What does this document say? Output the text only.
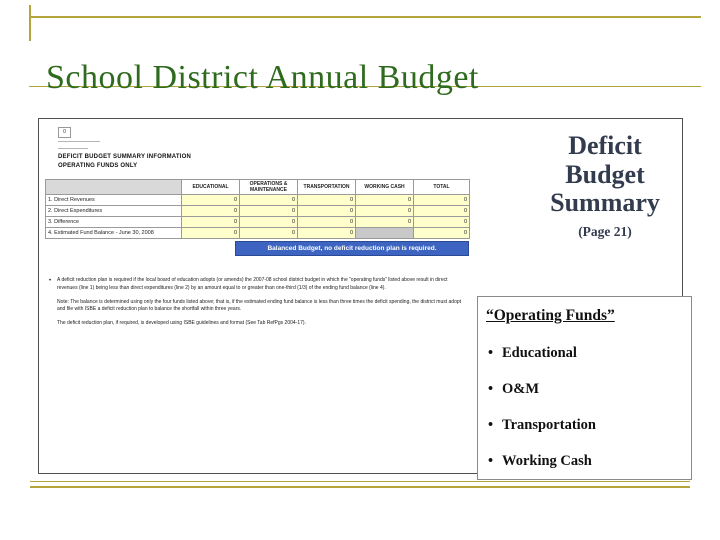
School District Annual Budget
0
DEFICIT BUDGET SUMMARY INFORMATION
OPERATING FUNDS ONLY
	EDUCATIONAL	OPERATIONS & MAINTENANCE	TRANSPORTATION	WORKING CASH	TOTAL
1. Direct Revenues	0	0	0	0	0
2. Direct Expenditures	0	0	0	0	0
3. Difference	0	0	0	0	0
4. Estimated Fund Balance - June 30, 2008	0	0	0		0
Balanced Budget, no deficit reduction plan is required.
• A deficit reduction plan is required if the local board of education adopts (or amends) the 2007-08 school district budget in which the “operating funds” listed above result in direct revenues (line 1) being less than direct expenditures (line 2) by an amount equal to or greater than one-third (1/3) of the ending fund balance (line 4).
Note: The balance is determined using only the four funds listed above; that is, if the estimated ending fund balance is less than three times the deficit spending, the district must adopt and file with ISBE a deficit reduction plan to balance the shortfall within three years.
The deficit reduction plan, if required, is developed using ISBE guidelines and format (See Tab RefPgs 2004-17).
Deficit
Budget
Summary
(Page 21)
“Operating Funds”
• Educational
• O&M
• Transportation
• Working Cash
